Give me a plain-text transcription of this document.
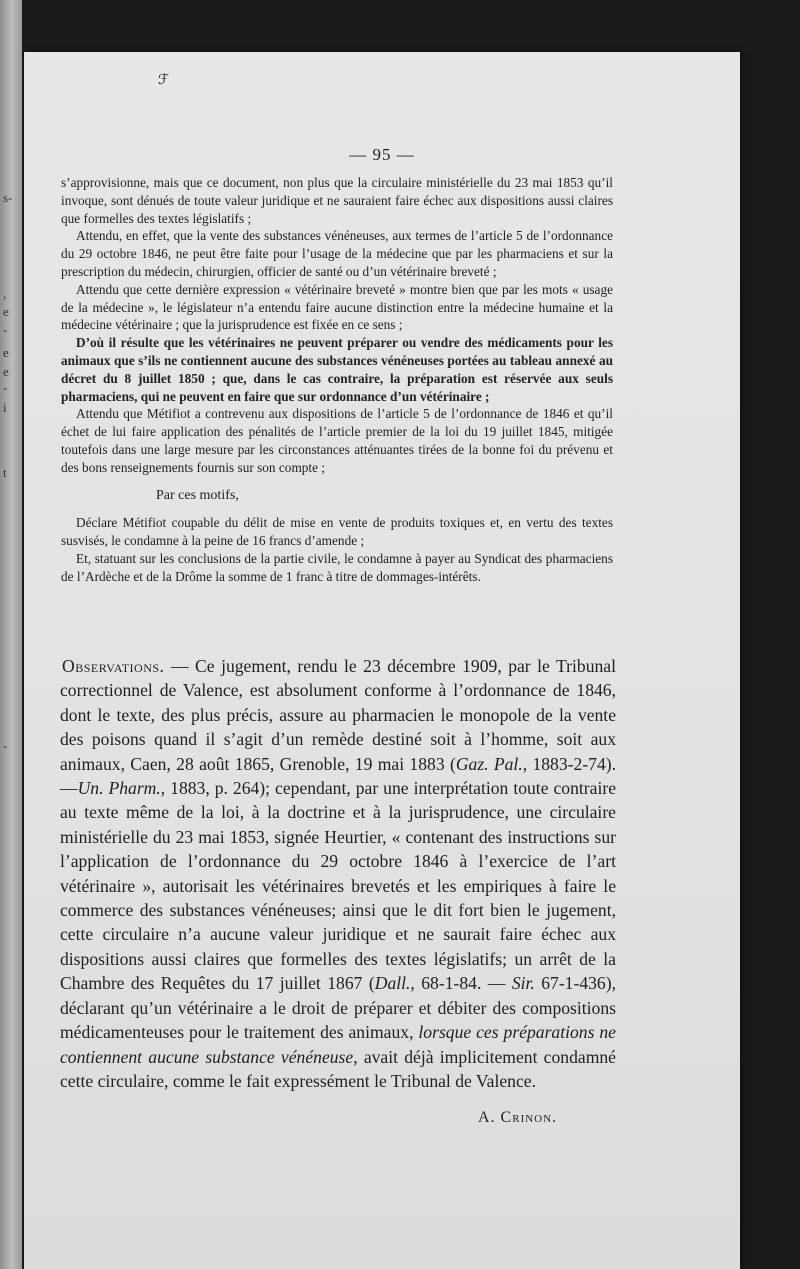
s-
,
e
-
e
e
-
i
t
-
ℱ
— 95 —

s’approvisionne, mais que ce document, non plus que la circulaire ministérielle du 23 mai 1853 qu’il invoque, sont dénués de toute valeur juridique et ne sauraient faire échec aux dispositions aussi claires que formelles des textes législatifs ;

Attendu, en effet, que la vente des substances vénéneuses, aux termes de l’article 5 de l’ordonnance du 29 octobre 1846, ne peut être faite pour l’usage de la médecine que par les pharmaciens et sur la prescription du médecin, chirurgien, officier de santé ou d’un vétérinaire breveté ;

Attendu que cette dernière expression « vétérinaire breveté » montre bien que par les mots « usage de la médecine », le législateur n’a entendu faire aucune distinction entre la médecine humaine et la médecine vétérinaire ; que la jurisprudence est fixée en ce sens ;

D’où il résulte que les vétérinaires ne peuvent préparer ou vendre des médicaments pour les animaux que s’ils ne contiennent aucune des substances vénéneuses portées au tableau annexé au décret du 8 juillet 1850 ; que, dans le cas contraire, la préparation est réservée aux seuls pharmaciens, qui ne peuvent en faire que sur ordonnance d’un vétérinaire ;

Attendu que Métifiot a contrevenu aux dispositions de l’article 5 de l’ordonnance de 1846 et qu’il échet de lui faire application des pénalités de l’article premier de la loi du 19 juillet 1845, mitigée toutefois dans une large mesure par les circonstances atténuantes tirées de la bonne foi du prévenu et des bons renseignements fournis sur son compte ;

Par ces motifs,

Déclare Métifiot coupable du délit de mise en vente de produits toxiques et, en vertu des textes susvisés, le condamne à la peine de 16 francs d’amende ;

Et, statuant sur les conclusions de la partie civile, le condamne à payer au Syndicat des pharmaciens de l’Ardèche et de la Drôme la somme de 1 franc à titre de dommages-intérêts.

Observations. — Ce jugement, rendu le 23 décembre 1909, par le Tribunal correctionnel de Valence, est absolument conforme à l’ordonnance de 1846, dont le texte, des plus précis, assure au pharmacien le monopole de la vente des poisons quand il s’agit d’un remède destiné soit à l’homme, soit aux animaux, Caen, 28 août 1865, Grenoble, 19 mai 1883 (Gaz. Pal., 1883-2-74). —Un. Pharm., 1883, p. 264); cependant, par une interprétation toute contraire au texte même de la loi, à la doctrine et à la jurisprudence, une circulaire ministérielle du 23 mai 1853, signée Heurtier, « contenant des instructions sur l’application de l’ordonnance du 29 octobre 1846 à l’exercice de l’art vétérinaire », autorisait les vétérinaires brevetés et les empiriques à faire le commerce des substances vénéneuses; ainsi que le dit fort bien le jugement, cette circulaire n’a aucune valeur juridique et ne saurait faire échec aux dispositions aussi claires que formelles des textes législatifs; un arrêt de la Chambre des Requêtes du 17 juillet 1867 (Dall., 68-1-84. — Sir. 67-1-436), déclarant qu’un vétérinaire a le droit de préparer et débiter des compositions médicamenteuses pour le traitement des animaux, lorsque ces préparations ne contiennent aucune substance vénéneuse, avait déjà implicitement condamné cette circulaire, comme le fait expressément le Tribunal de Valence.

A. Crinon.
